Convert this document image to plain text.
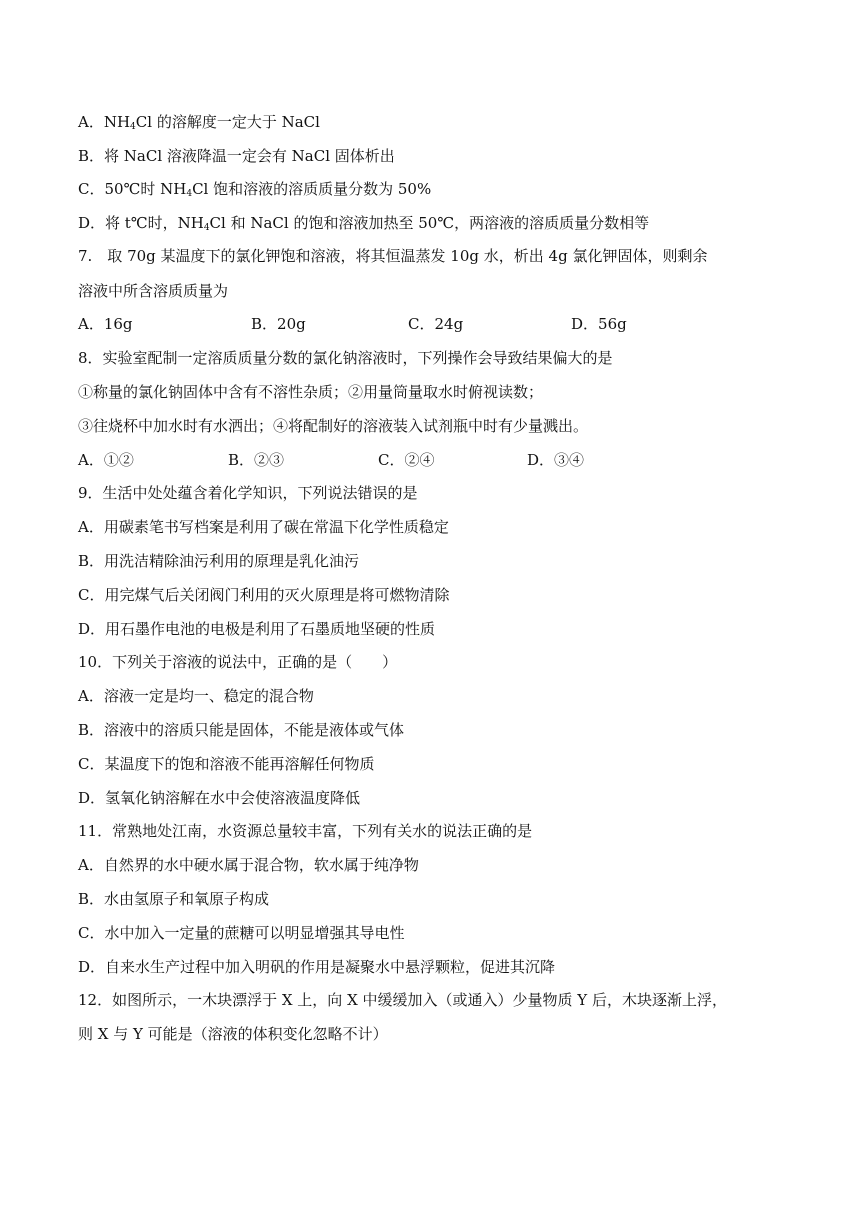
A．$NH_4Cl$ 的溶解度一定大于 NaCl
B．将 NaCl 溶液降温一定会有 NaCl 固体析出
C．50℃时 $NH_4Cl$ 饱和溶液的溶质质量分数为 50%
D．将 t℃时，$NH_4Cl$ 和 NaCl 的饱和溶液加热至 50℃，两溶液的溶质质量分数相等
7.　取 70g 某温度下的氯化钾饱和溶液，将其恒温蒸发 10g 水，析出 4g 氯化钾固体，则剩余
溶液中所含溶质质量为
A．16g	B．20g	C．24g	D．56g
8．实验室配制一定溶质质量分数的氯化钠溶液时，下列操作会导致结果偏大的是
①称量的氯化钠固体中含有不溶性杂质；②用量筒量取水时俯视读数；
③往烧杯中加水时有水洒出；④将配制好的溶液装入试剂瓶中时有少量溅出。
A．①②	B．②③	C．②④	D．③④
9．生活中处处蕴含着化学知识，下列说法错误的是
A．用碳素笔书写档案是利用了碳在常温下化学性质稳定
B．用洗洁精除油污利用的原理是乳化油污
C．用完煤气后关闭阀门利用的灭火原理是将可燃物清除
D．用石墨作电池的电极是利用了石墨质地坚硬的性质
10．下列关于溶液的说法中，正确的是（　　）
A．溶液一定是均一、稳定的混合物
B．溶液中的溶质只能是固体，不能是液体或气体
C．某温度下的饱和溶液不能再溶解任何物质
D．氢氧化钠溶解在水中会使溶液温度降低
11．常熟地处江南，水资源总量较丰富，下列有关水的说法正确的是
A．自然界的水中硬水属于混合物，软水属于纯净物
B．水由氢原子和氧原子构成
C．水中加入一定量的蔗糖可以明显增强其导电性
D．自来水生产过程中加入明矾的作用是凝聚水中悬浮颗粒，促进其沉降
12．如图所示，一木块漂浮于 X 上，向 X 中缓缓加入（或通入）少量物质 Y 后，木块逐渐上浮，
则 X 与 Y 可能是（溶液的体积变化忽略不计）
